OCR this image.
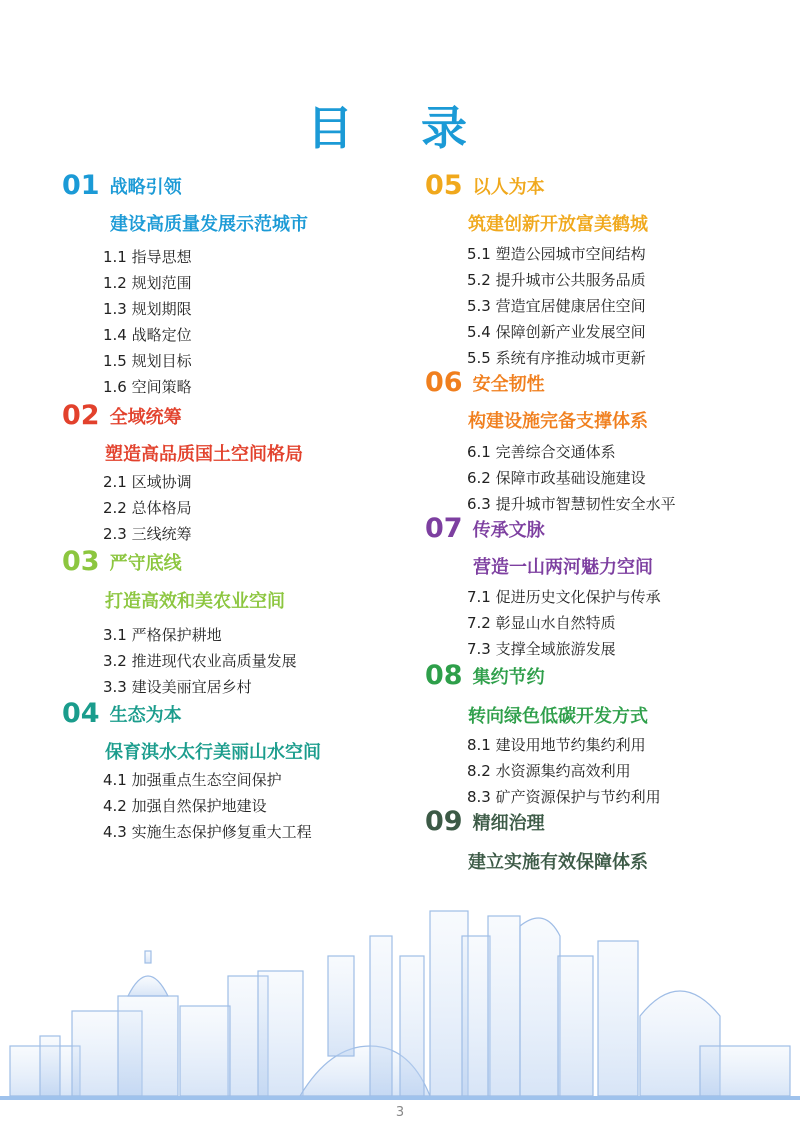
目 录
01 战略引领
建设高质量发展示范城市
1.1 指导思想
1.2 规划范围
1.3 规划期限
1.4 战略定位
1.5 规划目标
1.6 空间策略
02 全域统筹
塑造高品质国土空间格局
2.1 区域协调
2.2 总体格局
2.3 三线统筹
03 严守底线
打造高效和美农业空间
3.1 严格保护耕地
3.2 推进现代农业高质量发展
3.3 建设美丽宜居乡村
04 生态为本
保育淇水太行美丽山水空间
4.1 加强重点生态空间保护
4.2 加强自然保护地建设
4.3 实施生态保护修复重大工程
05 以人为本
筑建创新开放富美鹤城
5.1 塑造公园城市空间结构
5.2 提升城市公共服务品质
5.3 营造宜居健康居住空间
5.4 保障创新产业发展空间
5.5 系统有序推动城市更新
06 安全韧性
构建设施完备支撑体系
6.1 完善综合交通体系
6.2 保障市政基础设施建设
6.3 提升城市智慧韧性安全水平
07 传承文脉
营造一山两河魅力空间
7.1 促进历史文化保护与传承
7.2 彰显山水自然特质
7.3 支撑全域旅游发展
08 集约节约
转向绿色低碳开发方式
8.1 建设用地节约集约利用
8.2 水资源集约高效利用
8.3 矿产资源保护与节约利用
09 精细治理
建立实施有效保障体系
3
